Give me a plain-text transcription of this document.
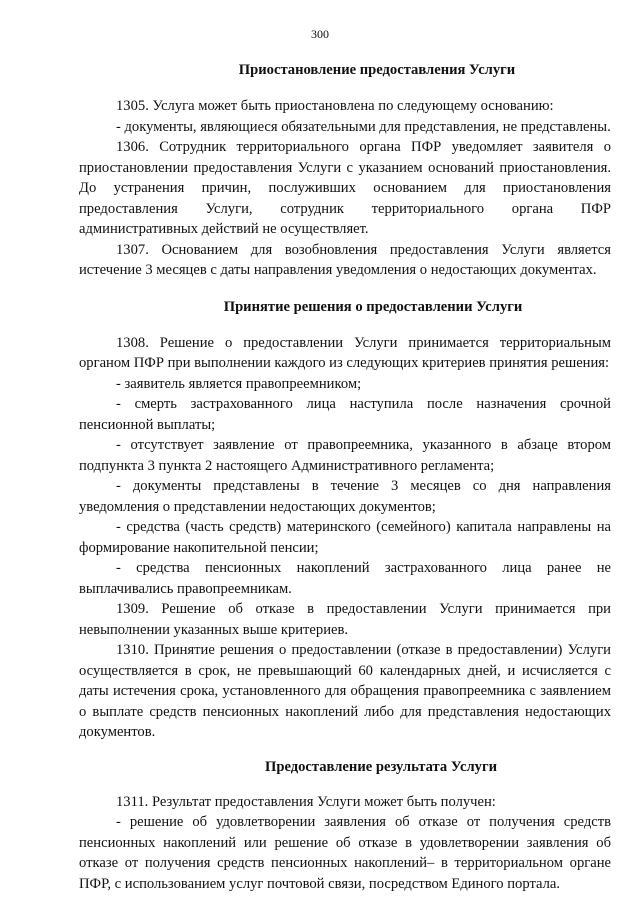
300
Приостановление предоставления Услуги

1305. Услуга может быть приостановлена по следующему основанию:

- документы, являющиеся обязательными для представления, не представлены.

1306. Сотрудник территориального органа ПФР уведомляет заявителя о приостановлении предоставления Услуги с указанием оснований приостановления. До устранения причин, послуживших основанием для приостановления предоставления Услуги, сотрудник территориального органа ПФР административных действий не осуществляет.

1307. Основанием для возобновления предоставления Услуги является истечение 3 месяцев с даты направления уведомления о недостающих документах.

Принятие решения о предоставлении Услуги

1308. Решение о предоставлении Услуги принимается территориальным органом ПФР при выполнении каждого из следующих критериев принятия решения:

- заявитель является правопреемником;

- смерть застрахованного лица наступила после назначения срочной пенсионной выплаты;

- отсутствует заявление от правопреемника, указанного в абзаце втором подпункта 3 пункта 2 настоящего Административного регламента;

- документы представлены в течение 3 месяцев со дня направления уведомления о представлении недостающих документов;

- средства (часть средств) материнского (семейного) капитала направлены на формирование накопительной пенсии;

- средства пенсионных накоплений застрахованного лица ранее не выплачивались правопреемникам.

1309. Решение об отказе в предоставлении Услуги принимается при невыполнении указанных выше критериев.

1310. Принятие решения о предоставлении (отказе в предоставлении) Услуги осуществляется в срок, не превышающий 60 календарных дней, и исчисляется с даты истечения срока, установленного для обращения правопреемника с заявлением о выплате средств пенсионных накоплений либо для представления недостающих документов.

Предоставление результата Услуги

1311. Результат предоставления Услуги может быть получен:

- решение об удовлетворении заявления об отказе от получения средств пенсионных накоплений или решение об отказе в удовлетворении заявления об отказе от получения средств пенсионных накоплений– в территориальном органе ПФР, с использованием услуг почтовой связи, посредством Единого портала.
